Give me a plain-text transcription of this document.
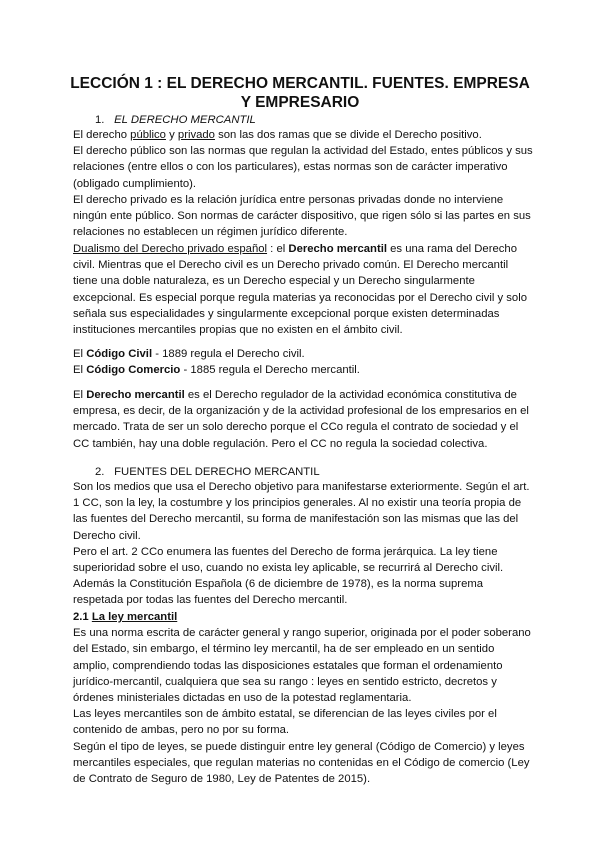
LECCIÓN 1 : EL DERECHO MERCANTIL. FUENTES. EMPRESA Y EMPRESARIO
1. EL DERECHO MERCANTIL

El derecho público y privado son las dos ramas que se divide el Derecho positivo.

El derecho público son las normas que regulan la actividad del Estado, entes públicos y sus relaciones (entre ellos o con los particulares), estas normas son de carácter imperativo (obligado cumplimiento).

El derecho privado es la relación jurídica entre personas privadas donde no interviene ningún ente público. Son normas de carácter dispositivo, que rigen sólo si las partes en sus relaciones no establecen un régimen jurídico diferente.

Dualismo del Derecho privado español : el Derecho mercantil es una rama del Derecho civil. Mientras que el Derecho civil es un Derecho privado común. El Derecho mercantil tiene una doble naturaleza, es un Derecho especial y un Derecho singularmente excepcional. Es especial porque regula materias ya reconocidas por el Derecho civil y solo señala sus especialidades y singularmente excepcional porque existen determinadas instituciones mercantiles propias que no existen en el ámbito civil.

El Código Civil - 1889 regula el Derecho civil.

El Código Comercio - 1885 regula el Derecho mercantil.

El Derecho mercantil es el Derecho regulador de la actividad económica constitutiva de empresa, es decir, de la organización y de la actividad profesional de los empresarios en el mercado. Trata de ser un solo derecho porque el CCo regula el contrato de sociedad y el CC también, hay una doble regulación. Pero el CC no regula la sociedad colectiva.

2. FUENTES DEL DERECHO MERCANTIL

Son los medios que usa el Derecho objetivo para manifestarse exteriormente. Según el art. 1 CC, son la ley, la costumbre y los principios generales. Al no existir una teoría propia de las fuentes del Derecho mercantil, su forma de manifestación son las mismas que las del Derecho civil.

Pero el art. 2 CCo enumera las fuentes del Derecho de forma jerárquica. La ley tiene superioridad sobre el uso, cuando no exista ley aplicable, se recurrirá al Derecho civil.

Además la Constitución Española (6 de diciembre de 1978), es la norma suprema respetada por todas las fuentes del Derecho mercantil.

2.1 La ley mercantil

Es una norma escrita de carácter general y rango superior, originada por el poder soberano del Estado, sin embargo, el término ley mercantil, ha de ser empleado en un sentido amplio, comprendiendo todas las disposiciones estatales que forman el ordenamiento jurídico-mercantil, cualquiera que sea su rango : leyes en sentido estricto, decretos y órdenes ministeriales dictadas en uso de la potestad reglamentaria.

Las leyes mercantiles son de ámbito estatal, se diferencian de las leyes civiles por el contenido de ambas, pero no por su forma.

Según el tipo de leyes, se puede distinguir entre ley general (Código de Comercio) y leyes mercantiles especiales, que regulan materias no contenidas en el Código de comercio (Ley de Contrato de Seguro de 1980, Ley de Patentes de 2015).
